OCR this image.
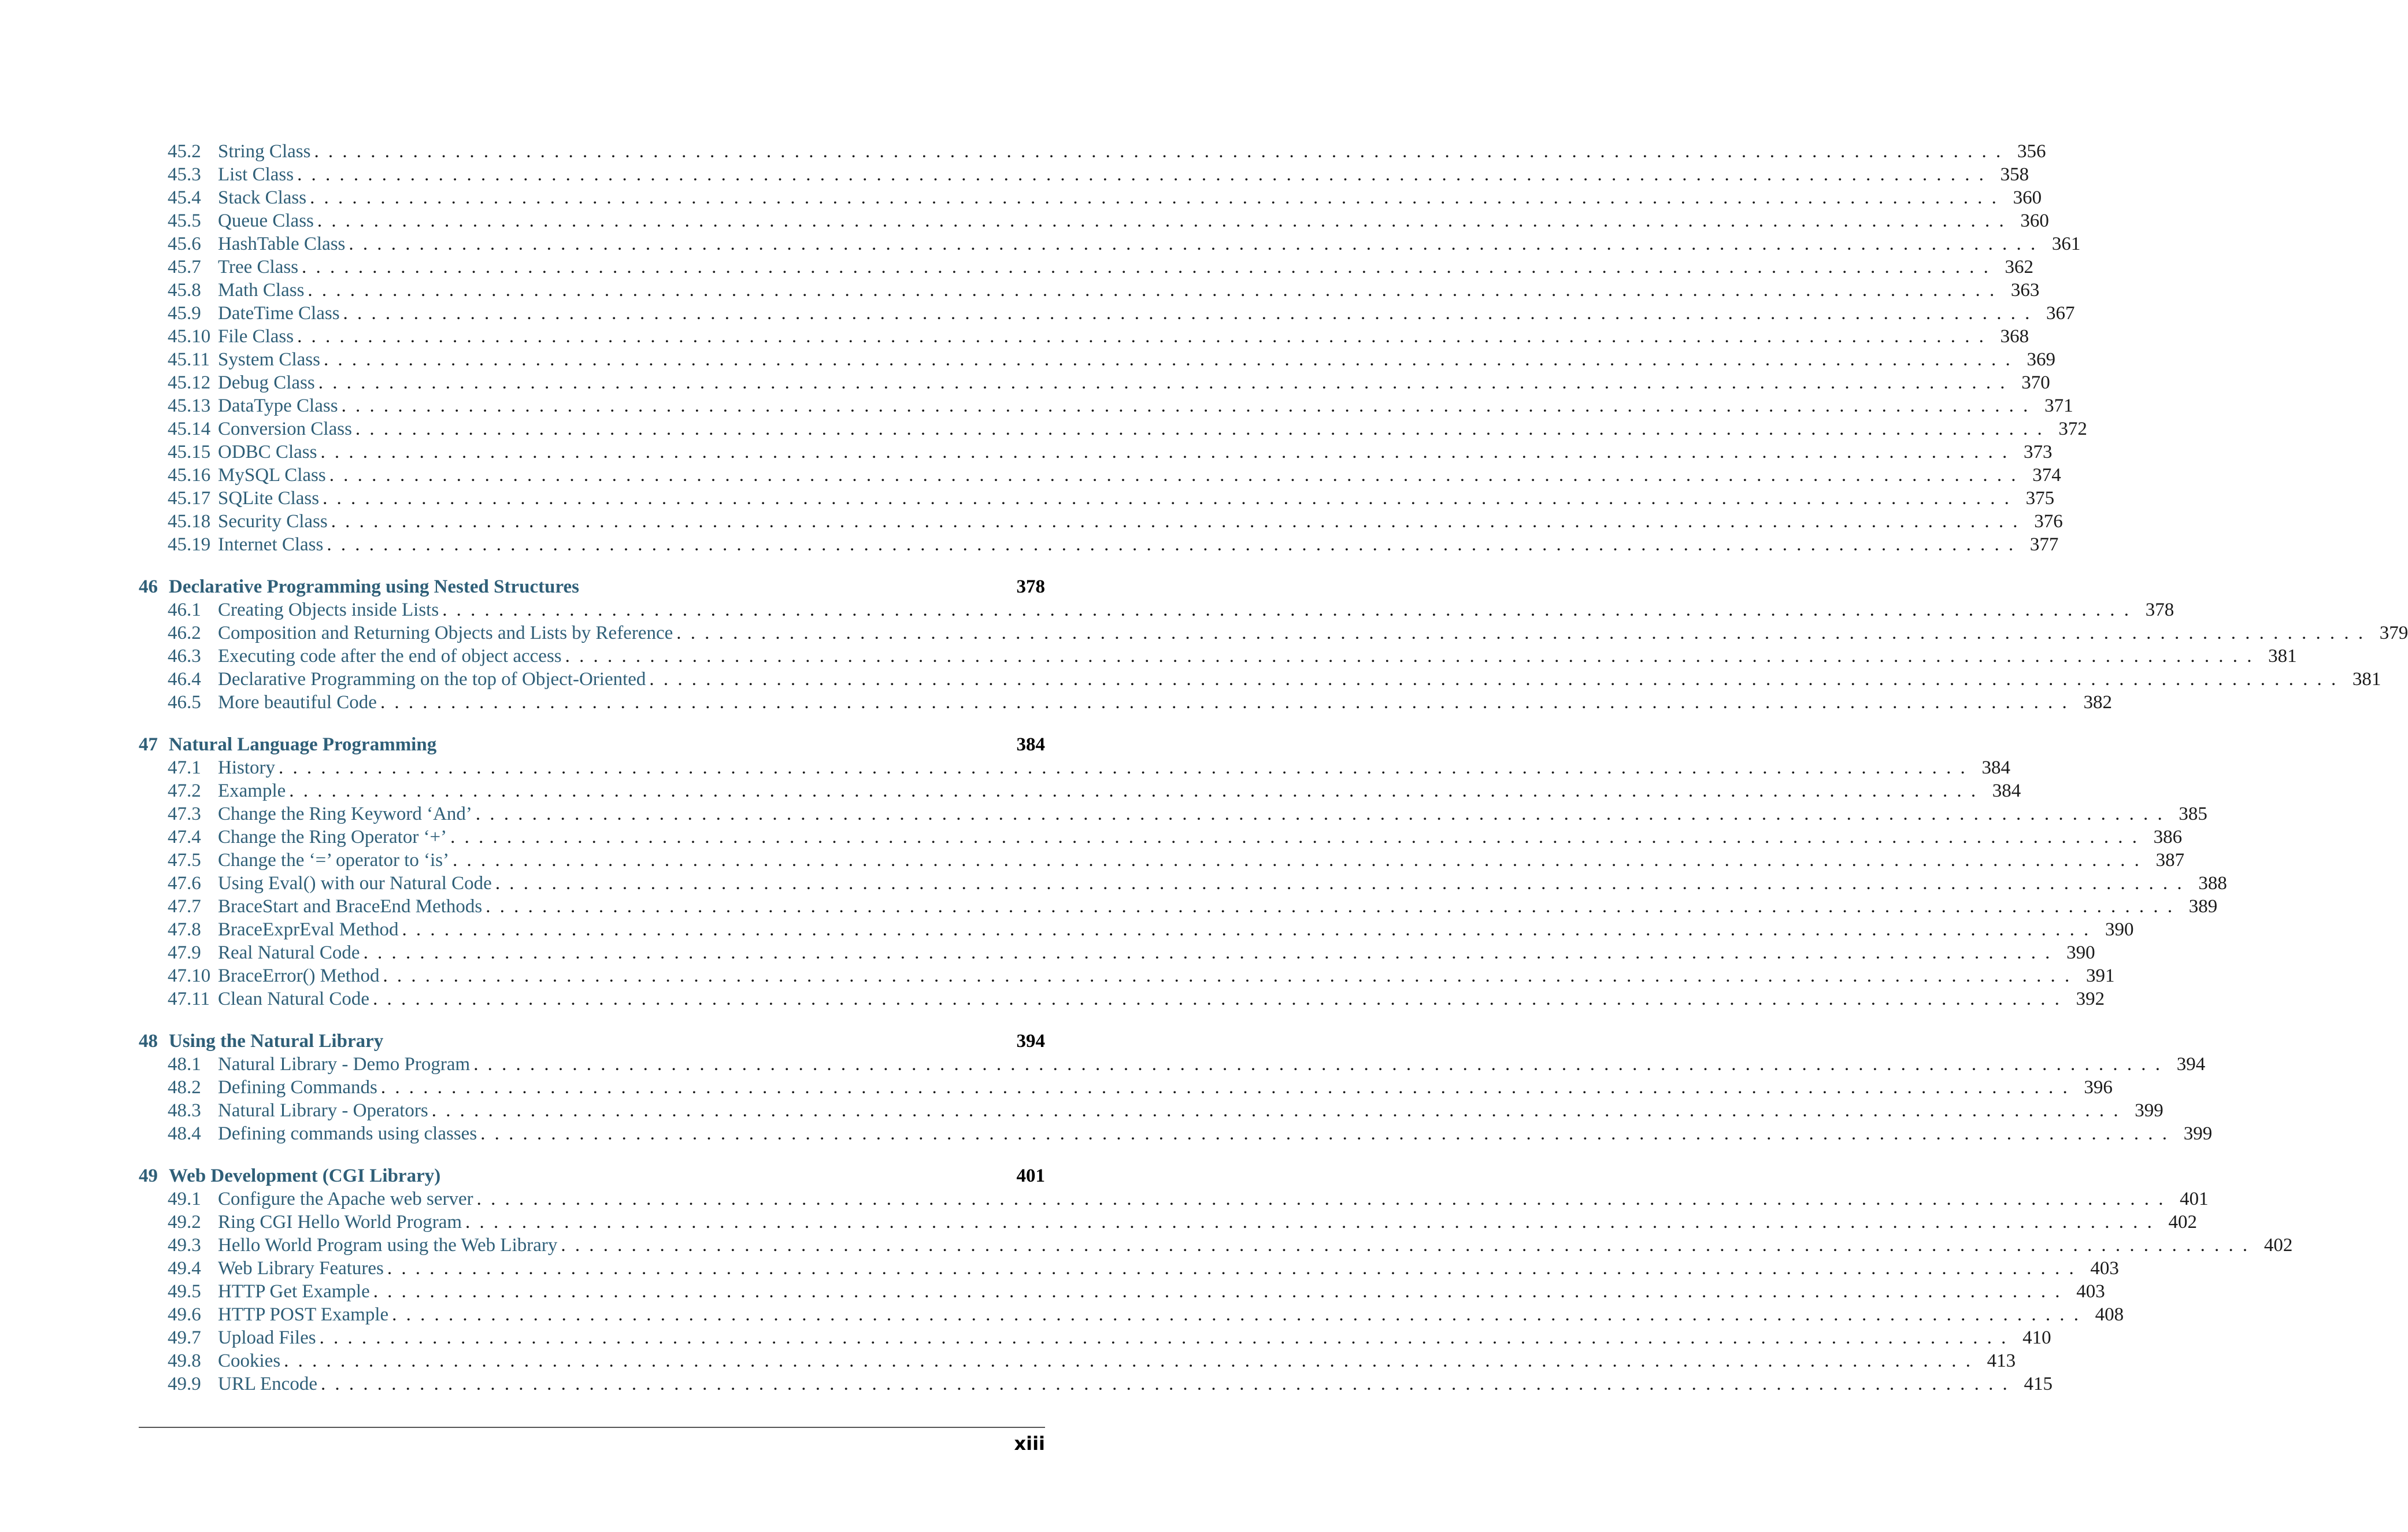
45.2 String Class ........................................................................................................................ 356
45.3 List Class ........................................................................................................................ 358
45.4 Stack Class ........................................................................................................................ 360
45.5 Queue Class ........................................................................................................................ 360
45.6 HashTable Class ........................................................................................................................ 361
45.7 Tree Class ........................................................................................................................ 362
45.8 Math Class ........................................................................................................................ 363
45.9 DateTime Class ........................................................................................................................ 367
45.10 File Class ........................................................................................................................ 368
45.11 System Class ........................................................................................................................ 369
45.12 Debug Class ........................................................................................................................ 370
45.13 DataType Class ........................................................................................................................ 371
45.14 Conversion Class ........................................................................................................................ 372
45.15 ODBC Class ........................................................................................................................ 373
45.16 MySQL Class ........................................................................................................................ 374
45.17 SQLite Class ........................................................................................................................ 375
45.18 Security Class ........................................................................................................................ 376
45.19 Internet Class ........................................................................................................................ 377
46 Declarative Programming using Nested Structures	378
46.1 Creating Objects inside Lists ........................................................................................................................ 378
46.2 Composition and Returning Objects and Lists by Reference ........................................................................................................................ 379
46.3 Executing code after the end of object access ........................................................................................................................ 381
46.4 Declarative Programming on the top of Object-Oriented ........................................................................................................................ 381
46.5 More beautiful Code ........................................................................................................................ 382
47 Natural Language Programming	384
47.1 History ........................................................................................................................ 384
47.2 Example ........................................................................................................................ 384
47.3 Change the Ring Keyword ‘And’ ........................................................................................................................ 385
47.4 Change the Ring Operator ‘+’ ........................................................................................................................ 386
47.5 Change the ‘=’ operator to ‘is’ ........................................................................................................................ 387
47.6 Using Eval() with our Natural Code ........................................................................................................................ 388
47.7 BraceStart and BraceEnd Methods ........................................................................................................................ 389
47.8 BraceExprEval Method ........................................................................................................................ 390
47.9 Real Natural Code ........................................................................................................................ 390
47.10 BraceError() Method ........................................................................................................................ 391
47.11 Clean Natural Code ........................................................................................................................ 392
48 Using the Natural Library	394
48.1 Natural Library - Demo Program ........................................................................................................................ 394
48.2 Defining Commands ........................................................................................................................ 396
48.3 Natural Library - Operators ........................................................................................................................ 399
48.4 Defining commands using classes ........................................................................................................................ 399
49 Web Development (CGI Library)	401
49.1 Configure the Apache web server ........................................................................................................................ 401
49.2 Ring CGI Hello World Program ........................................................................................................................ 402
49.3 Hello World Program using the Web Library ........................................................................................................................ 402
49.4 Web Library Features ........................................................................................................................ 403
49.5 HTTP Get Example ........................................................................................................................ 403
49.6 HTTP POST Example ........................................................................................................................ 408
49.7 Upload Files ........................................................................................................................ 410
49.8 Cookies ........................................................................................................................ 413
49.9 URL Encode ........................................................................................................................ 415
xiii
